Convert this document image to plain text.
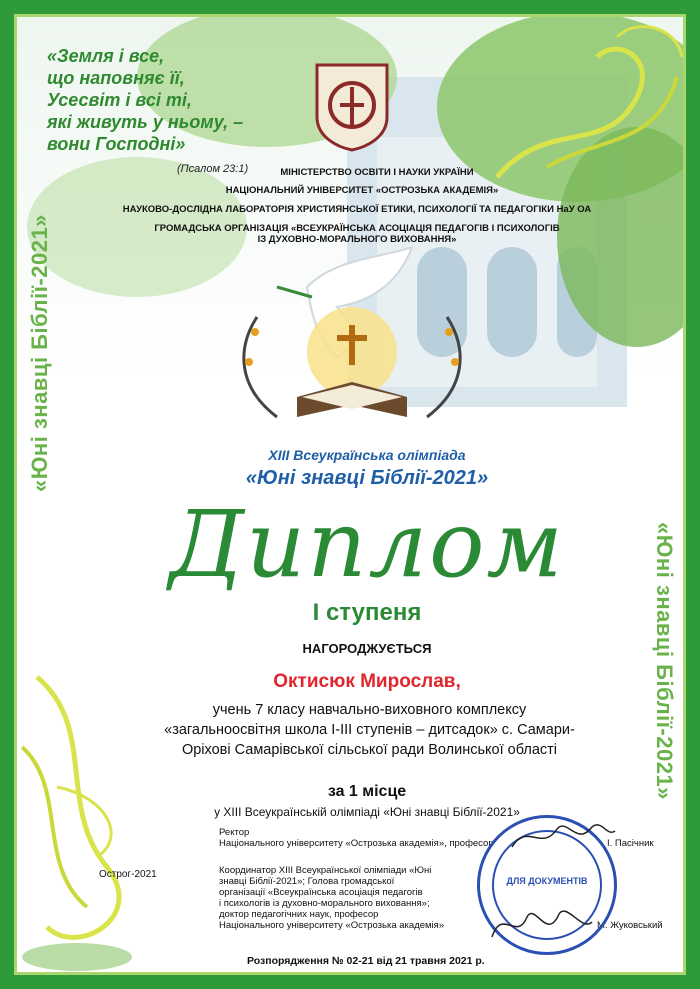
«Земля і все,
що наповняє її,
Усесвіт і всі ті,
які живуть у ньому, –
вони Господні»
(Псалом 23:1)	МІНІСТЕРСТВО ОСВІТИ І НАУКИ УКРАЇНИ
НАЦІОНАЛЬНИЙ УНІВЕРСИТЕТ «ОСТРОЗЬКА АКАДЕМІЯ»
НАУКОВО-ДОСЛІДНА ЛАБОРАТОРІЯ ХРИСТИЯНСЬКОЇ ЕТИКИ, ПСИХОЛОГІЇ ТА ПЕДАГОГІКИ НаУ ОА
ГРОМАДСЬКА ОРГАНІЗАЦІЯ «ВСЕУКРАЇНСЬКА АСОЦІАЦІЯ ПЕДАГОГІВ І ПСИХОЛОГІВ
ІЗ ДУХОВНО-МОРАЛЬНОГО ВИХОВАННЯ»
«Юні знавці Біблії-2021»
«Юні знавці Біблії-2021»
ХІІІ Всеукраїнська олімпіада
«Юні знавці Біблії-2021»
Диплом
І ступеня
НАГОРОДЖУЄТЬСЯ
Октисюк Мирослав,
учень 7 класу навчально-виховного комплексу
«загальноосвітня школа І-ІІІ ступенів – дитсадок» с. Самари-
Оріхові Самарівської сільської ради Волинської області
за 1 місце
у ХІІІ Всеукраїнській олімпіаді «Юні знавці Біблії-2021»
Ректор
Національного університету «Острозька академія», професор	І. Пасічник
Острог-2021	Координатор ХІІІ Всеукраїнської олімпіади «Юні
знавці Біблії-2021»; Голова громадської
організації «Всеукраїнська асоціація педагогів
і психологів із духовно-морального виховання»;
доктор педагогічних наук, професор
Національного університету «Острозька академія»	М. Жуковський
ДЛЯ ДОКУМЕНТІВ
Розпорядження № 02-21 від 21 травня 2021 р.
